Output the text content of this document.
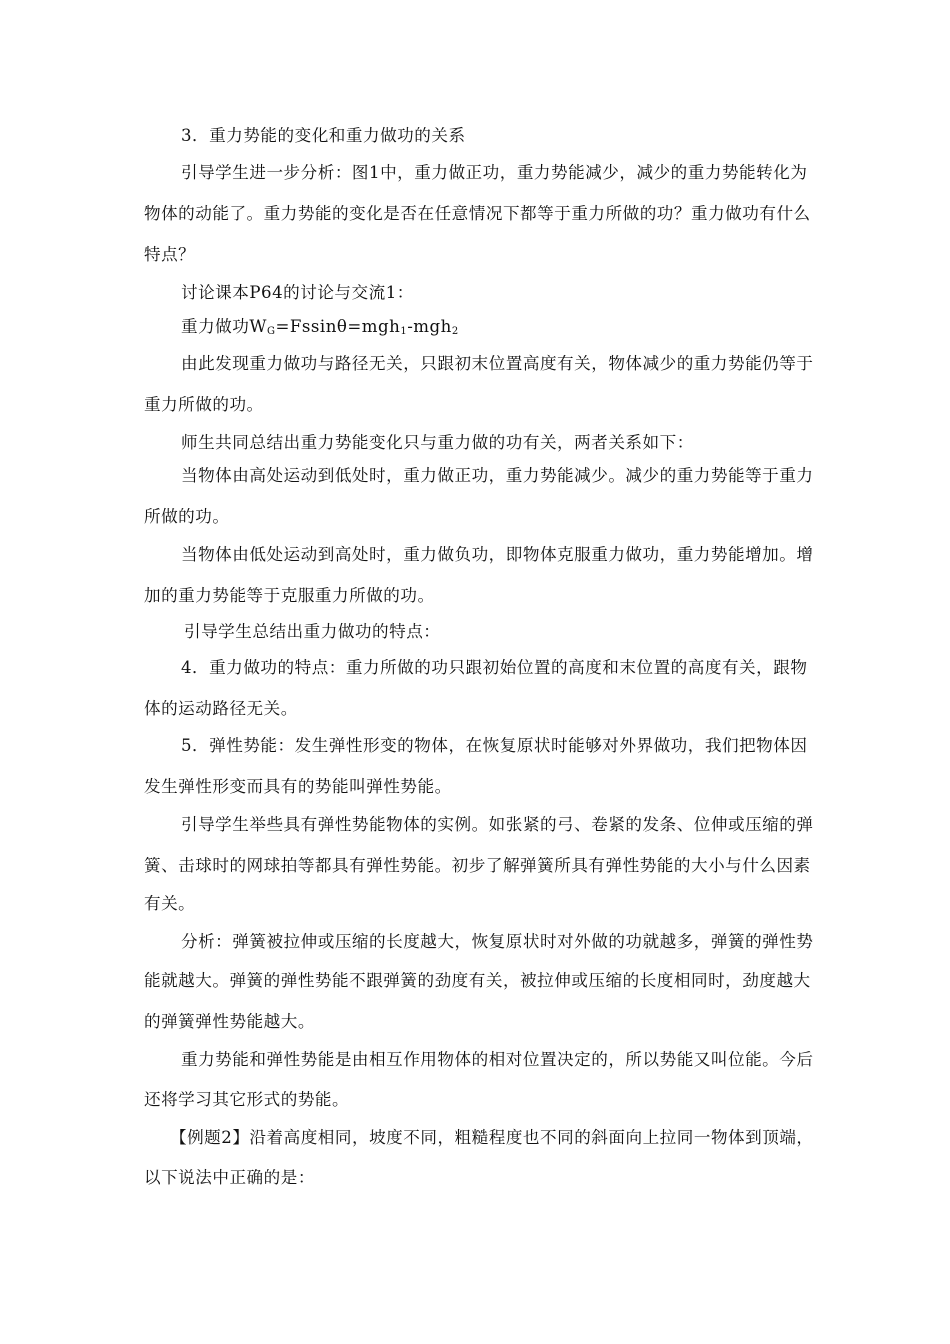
3．重力势能的变化和重力做功的关系
引导学生进一步分析：图1中，重力做正功，重力势能减少，减少的重力势能转化为
物体的动能了。重力势能的变化是否在任意情况下都等于重力所做的功？重力做功有什么
特点？
讨论课本P64的讨论与交流1：
重力做功$W_G=Fssin\theta=mgh_1-mgh_2$
由此发现重力做功与路径无关，只跟初末位置高度有关，物体减少的重力势能仍等于
重力所做的功。
师生共同总结出重力势能变化只与重力做的功有关，两者关系如下：
当物体由高处运动到低处时，重力做正功，重力势能减少。减少的重力势能等于重力
所做的功。
当物体由低处运动到高处时，重力做负功，即物体克服重力做功，重力势能增加。增
加的重力势能等于克服重力所做的功。
引导学生总结出重力做功的特点：
4．重力做功的特点：重力所做的功只跟初始位置的高度和末位置的高度有关，跟物
体的运动路径无关。
5．弹性势能：发生弹性形变的物体，在恢复原状时能够对外界做功，我们把物体因
发生弹性形变而具有的势能叫弹性势能。
引导学生举些具有弹性势能物体的实例。如张紧的弓、卷紧的发条、位伸或压缩的弹
簧、击球时的网球拍等都具有弹性势能。初步了解弹簧所具有弹性势能的大小与什么因素
有关。
分析：弹簧被拉伸或压缩的长度越大，恢复原状时对外做的功就越多，弹簧的弹性势
能就越大。弹簧的弹性势能不跟弹簧的劲度有关，被拉伸或压缩的长度相同时，劲度越大
的弹簧弹性势能越大。
重力势能和弹性势能是由相互作用物体的相对位置决定的，所以势能又叫位能。今后
还将学习其它形式的势能。
【例题2】沿着高度相同，坡度不同，粗糙程度也不同的斜面向上拉同一物体到顶端，
以下说法中正确的是：
